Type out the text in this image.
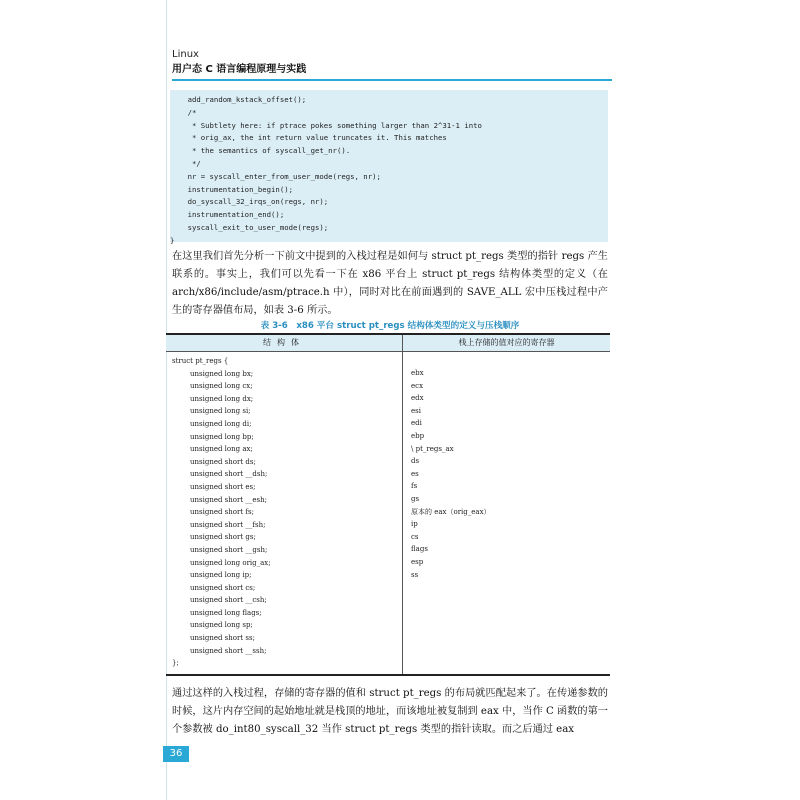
Linux
用户态 C 语言编程原理与实践
add_random_kstack_offset();
/*
* Subtlety here: if ptrace pokes something larger than 2^31-1 into
* orig_ax, the int return value truncates it. This matches
* the semantics of syscall_get_nr().
*/
nr = syscall_enter_from_user_mode(regs, nr);
instrumentation_begin();
do_syscall_32_irqs_on(regs, nr);
instrumentation_end();
syscall_exit_to_user_mode(regs);
}

在这里我们首先分析一下前文中提到的入栈过程是如何与 struct pt_regs 类型的指针 regs 产生联系的。事实上，我们可以先看一下在 x86 平台上 struct pt_regs 结构体类型的定义（在 arch/x86/include/asm/ptrace.h 中），同时对比在前面遇到的 SAVE_ALL 宏中压栈过程中产生的寄存器值布局，如表 3-6 所示。

表 3-6　x86 平台 struct pt_regs 结构体类型的定义与压栈顺序
结构体	栈上存储的值对应的寄存器
struct pt_regs {
unsigned long bx;
unsigned long cx;
unsigned long dx;
unsigned long si;
unsigned long di;
unsigned long bp;
unsigned long ax;
unsigned short ds;
unsigned short __dsh;
unsigned short es;
unsigned short __esh;
unsigned short fs;
unsigned short __fsh;
unsigned short gs;
unsigned short __gsh;
unsigned long orig_ax;
unsigned long ip;
unsigned short cs;
unsigned short __csh;
unsigned long flags;
unsigned long sp;
unsigned short ss;
unsigned short __ssh;
};
ebx
ecx
edx
esi
edi
ebp
\ pt_regs_ax
ds
es
fs
gs
原本的 eax（orig_eax）
ip
cs
flags
esp
ss

通过这样的入栈过程，存储的寄存器的值和 struct pt_regs 的布局就匹配起来了。在传递参数的时候，这片内存空间的起始地址就是栈顶的地址，而该地址被复制到 eax 中，当作 C 函数的第一个参数被 do_int80_syscall_32 当作 struct pt_regs 类型的指针读取。而之后通过 eax

36
